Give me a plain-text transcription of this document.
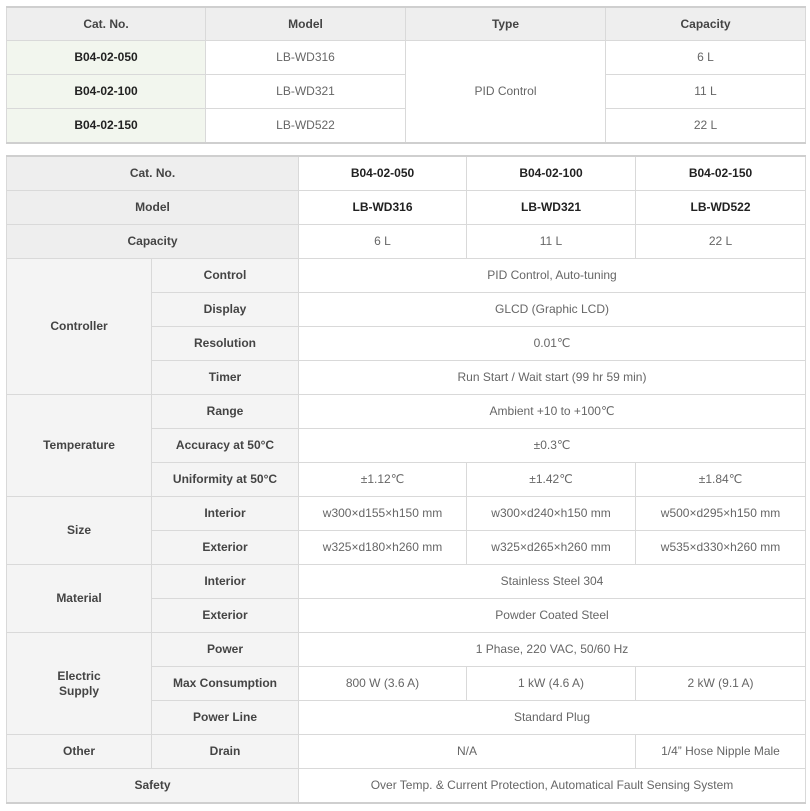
Cat. No.	Model	Type	Capacity
B04-02-050	LB-WD316	PID Control	6 L
B04-02-100	LB-WD321		11 L
B04-02-150	LB-WD522		22 L
Cat. No.		B04-02-050	B04-02-100	B04-02-150
Model		LB-WD316	LB-WD321	LB-WD522
Capacity		6 L	11 L	22 L
Controller	Control	PID Control, Auto-tuning		
	Display	GLCD (Graphic LCD)		
	Resolution	0.01℃		
	Timer	Run Start / Wait start (99 hr 59 min)		
Temperature	Range	Ambient +10 to +100℃		
	Accuracy at 50°C	±0.3℃		
	Uniformity at 50°C	±1.12℃	±1.42℃	±1.84℃
Size	Interior	w300×d155×h150 mm	w300×d240×h150 mm	w500×d295×h150 mm
	Exterior	w325×d180×h260 mm	w325×d265×h260 mm	w535×d330×h260 mm
Material	Interior	Stainless Steel 304		
	Exterior	Powder Coated Steel		
Electric
Supply	Power	1 Phase, 220 VAC, 50/60 Hz		
	Max Consumption	800 W (3.6 A)	1 kW (4.6 A)	2 kW (9.1 A)
	Power Line	Standard Plug		
Other	Drain	N/A		1/4” Hose Nipple Male
Safety		Over Temp. & Current Protection, Automatical Fault Sensing System		
